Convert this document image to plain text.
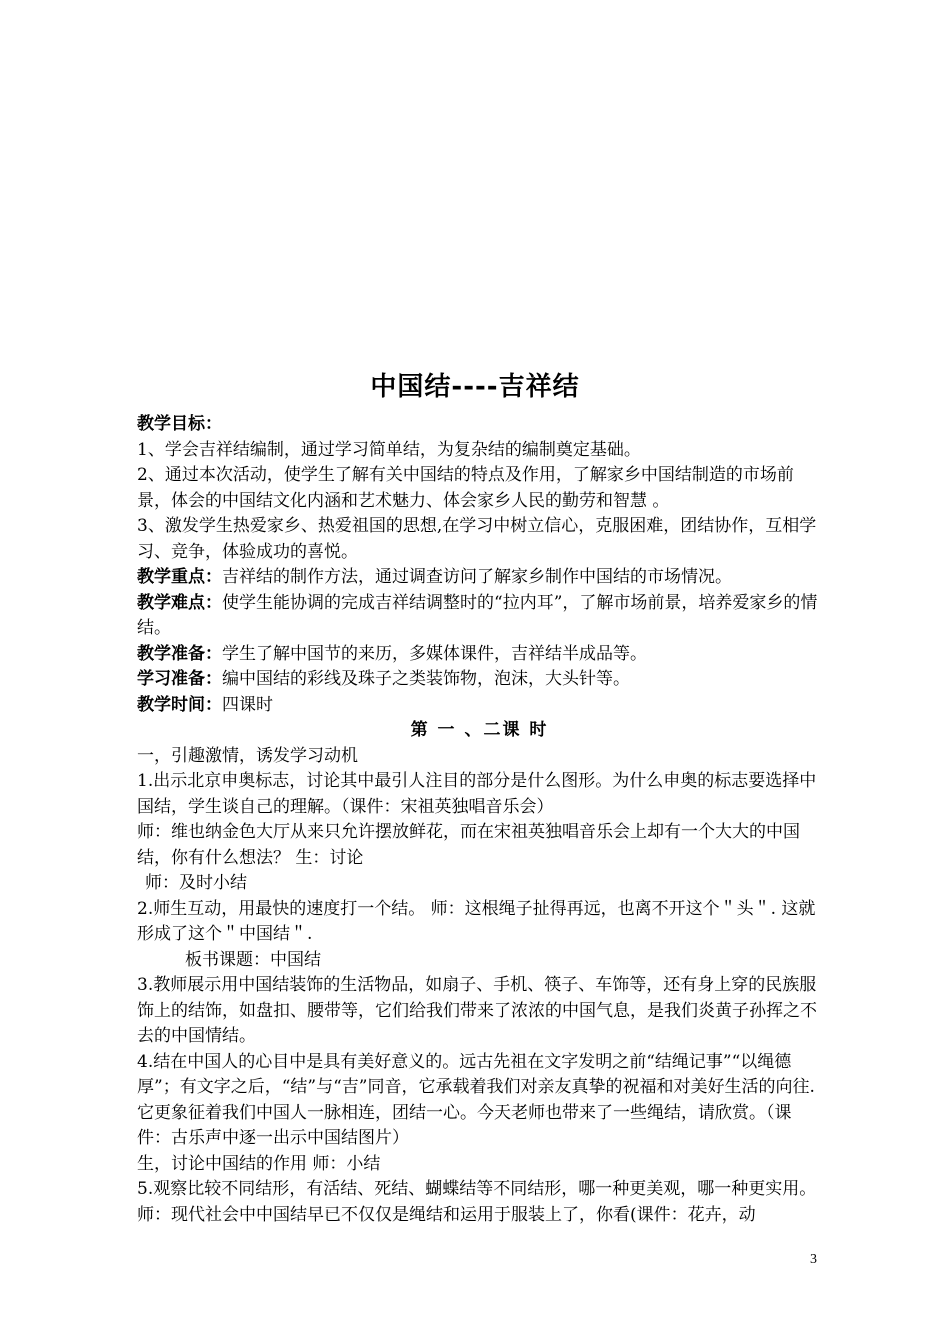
中国结----吉祥结

教学目标：

1、学会吉祥结编制，通过学习简单结，为复杂结的编制奠定基础。

2、通过本次活动，使学生了解有关中国结的特点及作用，了解家乡中国结制造的市场前景，体会的中国结文化内涵和艺术魅力、体会家乡人民的勤劳和智慧 。

3、激发学生热爱家乡、热爱祖国的思想,在学习中树立信心，克服困难，团结协作，互相学习、竞争，体验成功的喜悦。

教学重点：吉祥结的制作方法，通过调查访问了解家乡制作中国结的市场情况。

教学难点：使学生能协调的完成吉祥结调整时的“拉内耳”，了解市场前景，培养爱家乡的情结。

教学准备：学生了解中国节的来历，多媒体课件，吉祥结半成品等。

学习准备：编中国结的彩线及珠子之类装饰物，泡沫，大头针等。

教学时间：四课时

第 一 、二课 时

一，引趣激情，诱发学习动机

1.出示北京申奥标志，讨论其中最引人注目的部分是什么图形。为什么申奥的标志要选择中国结，学生谈自己的理解。（课件：宋祖英独唱音乐会）

师：维也纳金色大厅从来只允许摆放鲜花，而在宋祖英独唱音乐会上却有一个大大的中国结，你有什么想法？ 生：讨论

师：及时小结

2.师生互动，用最快的速度打一个结。 师：这根绳子扯得再远，也离不开这个＂头＂. 这就形成了这个＂中国结＂.

板书课题：中国结

3.教师展示用中国结装饰的生活物品，如扇子、手机、筷子、车饰等，还有身上穿的民族服饰上的结饰，如盘扣、腰带等，它们给我们带来了浓浓的中国气息，是我们炎黄子孙挥之不去的中国情结。

4.结在中国人的心目中是具有美好意义的。远古先祖在文字发明之前“结绳记事”“以绳德厚”；有文字之后，“结”与“吉”同音，它承载着我们对亲友真挚的祝福和对美好生活的向往. 它更象征着我们中国人一脉相连，团结一心。今天老师也带来了一些绳结，请欣赏。（课件：古乐声中逐一出示中国结图片）

生，讨论中国结的作用 师：小结

5.观察比较不同结形，有活结、死结、蝴蝶结等不同结形，哪一种更美观，哪一种更实用。

师：现代社会中中国结早已不仅仅是绳结和运用于服装上了，你看(课件：花卉，动

3
